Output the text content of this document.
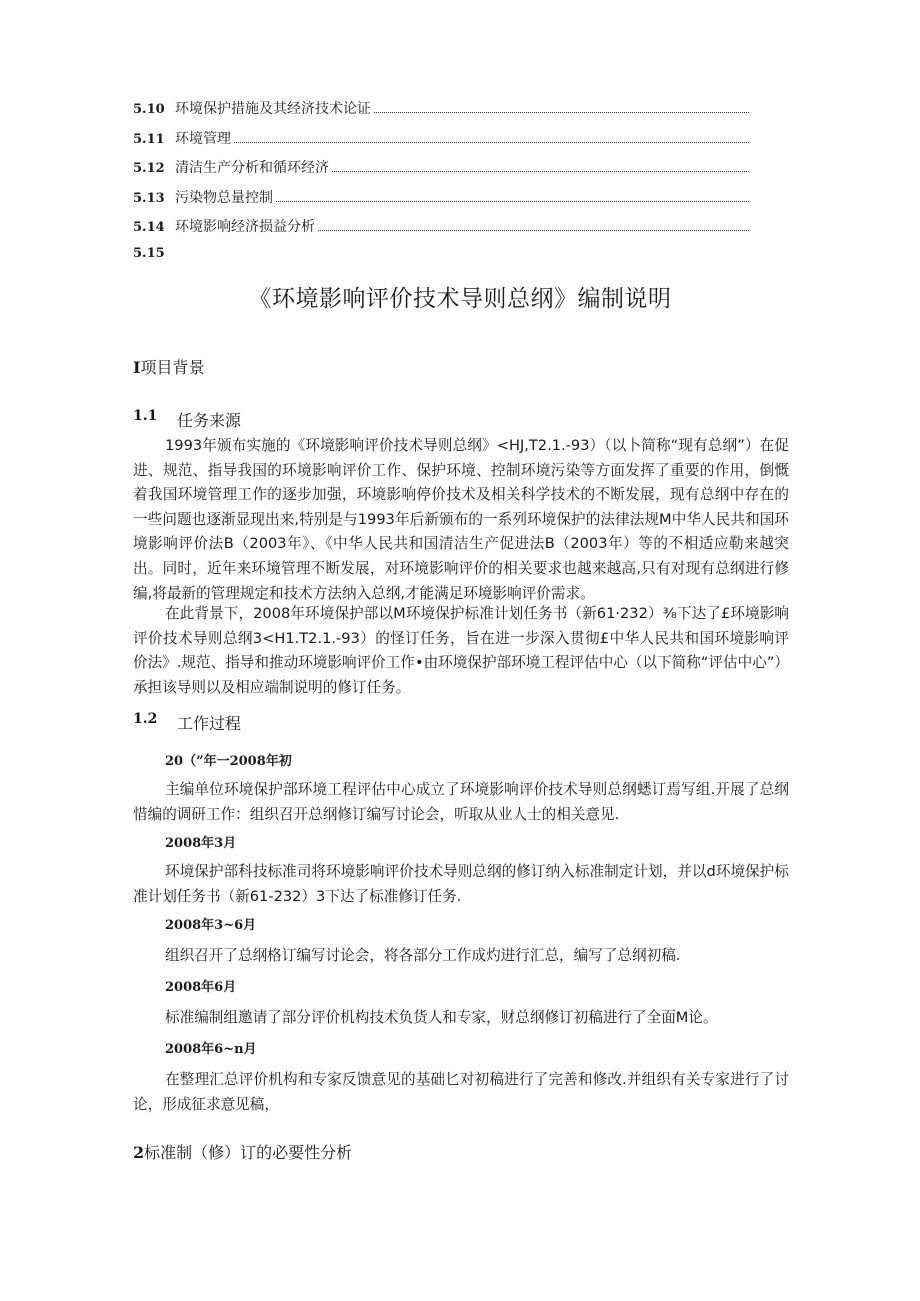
5.10 环境保护措施及其经济技术论证
5.11 环境管理
5.12 清洁生产分析和循环经济
5.13 污染物总量控制
5.14 环境影响经济损益分析
5.15
《环境影响评价技术导则总纲》编制说明
I项目背景
1.1	任务来源

1993年颁布实施的《环境影响评价技术导则总纲》<HJ,T2.1.-93）（以卜简称“现有总纲”）在促进、规范、指导我国的环境影响评价工作、保护环境、控制环境污染等方面发挥了重要的作用，倒慨着我国环境管理工作的逐步加强，环境影响停价技术及相关科学技术的不断发展，现有总纲中存在的一些问题也逐渐显现出来,特别是与1993年后新颁布的一系列环境保护的法律法规M中华人民共和国环境影响评价法B（2003年》、《中华人民共和国清洁生产促进法B（2003年）等的不相适应勒来越突出。同时，近年来环境管理不断发展，对环境影响评价的相关要求也越来越高,只有对现有总纲进行修编,将最新的管理规定和技术方法纳入总纲,才能满足环境影响评价需求。

在此背景下，2008年环境保护部以M环境保护标准计划任务书（新61·232）⅜下达了£环境影响评价技术导则总纲3<H1.T2.1.-93）的怪订任务，旨在进一步深入贯彻£中华人民共和国环境影响评价法》.规范、指导和推动环境影响评价工作•由环境保护部环境工程评估中心（以下简称“评估中心”）承担该导则以及相应端制说明的修订任务。

1.2	工作过程
20（”年一2008年初

主编单位环境保护部环境工程评估中心成立了环境影响评价技术导则总纲蟋订焉写组.开展了总纲惜编的调研工作：组织召开总纲修订编写讨论会，听取从业人士的相关意见.

2008年3月

环境保护部科技标准司将环境影响评价技术导则总纲的修订纳入标准制定计划，并以d环境保护标准计划任务书（新61-232）3下达了标准修订任务.

2008年3~6月

组织召开了总纲格订编写讨论会，将各部分工作成灼进行汇总，编写了总纲初稿.

2008年6月

标准编制组邀请了部分评价机构技术负货人和专家，财总纲修订初稿进行了全面M论。

2008年6~n月

在整理汇总评价机构和专家反馈意见的基础匕对初稿进行了完善和修改.并组织有关专家进行了讨论，形成征求意见稿，

2标准制（修）订的必要性分析
